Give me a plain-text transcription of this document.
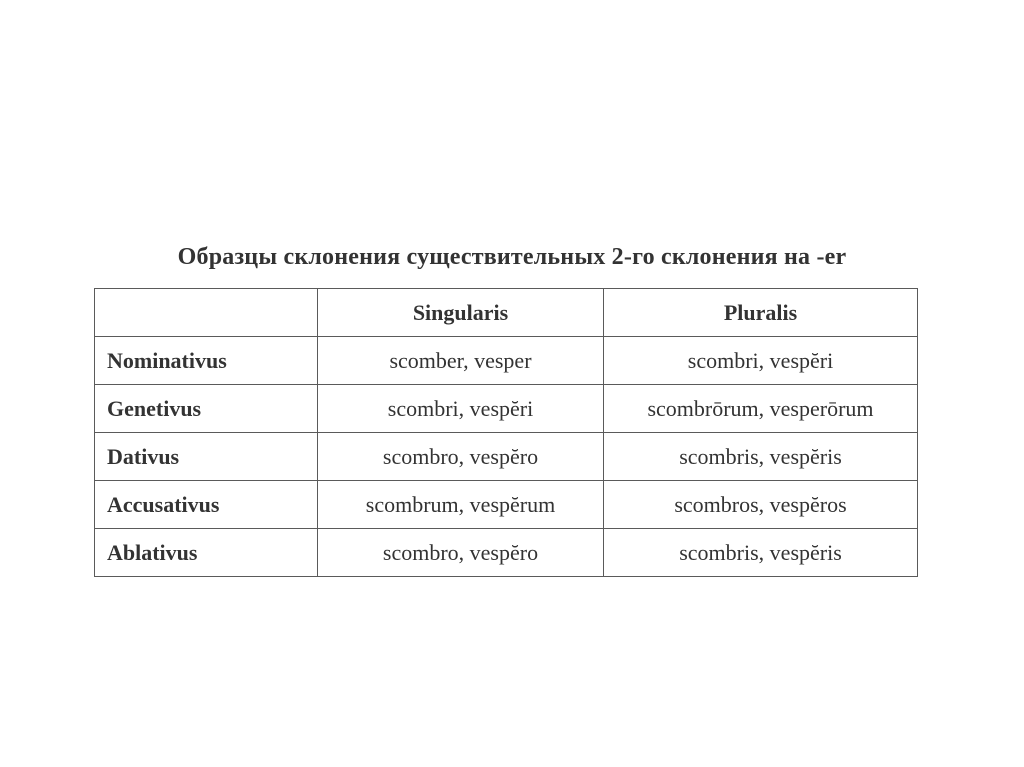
Образцы склонения существительных 2-го склонения на -er
	Singularis	Pluralis
Nominativus	scomber, vesper	scombri, vespĕri
Genetivus	scombri, vespĕri	scombrōrum, vesperōrum
Dativus	scombro, vespĕro	scombris, vespĕris
Accusativus	scombrum, vespĕrum	scombros, vespĕros
Ablativus	scombro, vespĕro	scombris, vespĕris
